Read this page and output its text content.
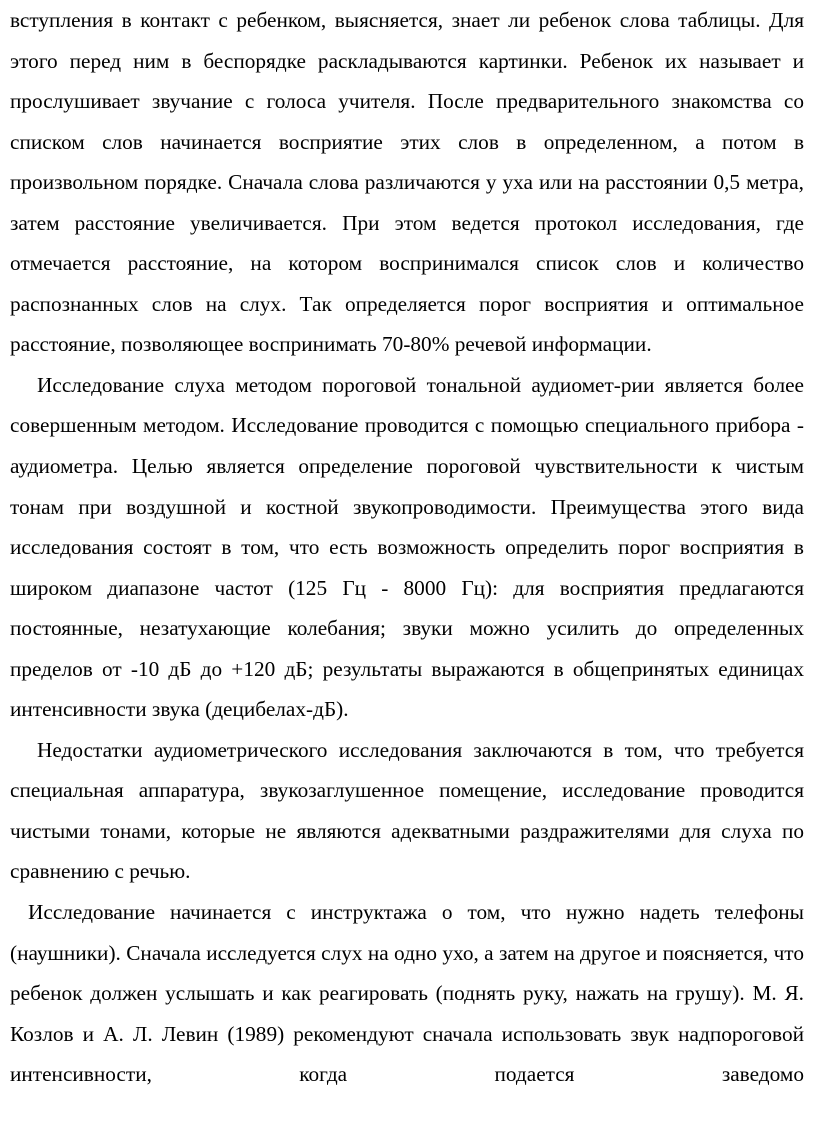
вступления в контакт с ребенком, выясняется, знает ли ребенок слова таблицы. Для этого перед ним в беспорядке раскладываются картинки. Ребенок их называет и прослушивает звучание с голоса учителя. После предварительного знакомства со списком слов начинается восприятие этих слов в определенном, а потом в произвольном порядке. Сначала слова различаются у уха или на расстоянии 0,5 метра, затем расстояние увеличивается. При этом ведется протокол исследования, где отмечается расстояние, на котором воспринимался список слов и количество распознанных слов на слух. Так определяется порог восприятия и оптимальное расстояние, позволяющее воспринимать 70-80% речевой информации.

Исследование слуха методом пороговой тональной аудиомет-рии является более совершенным методом. Исследование проводится с помощью специального прибора - аудиометра. Целью является определение пороговой чувствительности к чистым тонам при воздушной и костной звукопроводимости. Преимущества этого вида исследования состоят в том, что есть возможность определить порог восприятия в широком диапазоне частот (125 Гц - 8000 Гц): для восприятия предлагаются постоянные, незатухающие колебания; звуки можно усилить до определенных пределов от -10 дБ до +120 дБ; результаты выражаются в общепринятых единицах интенсивности звука (децибелах-дБ).

Недостатки аудиометрического исследования заключаются в том, что требуется специальная аппаратура, звукозаглушенное помещение, исследование проводится чистыми тонами, которые не являются адекватными раздражителями для слуха по сравнению с речью.

Исследование начинается с инструктажа о том, что нужно надеть телефоны (наушники). Сначала исследуется слух на одно ухо, а затем на другое и поясняется, что ребенок должен услышать и как реагировать (поднять руку, нажать на грушу). М. Я. Козлов и А. Л. Левин (1989) рекомендуют сначала использовать звук надпороговой интенсивности, когда подается заведомо
